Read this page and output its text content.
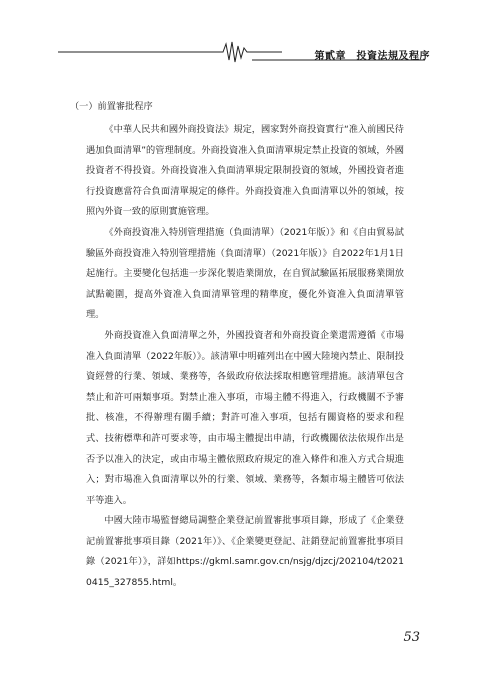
第貳章　投資法規及程序
（一）前置審批程序

《中華人民共和國外商投資法》規定，國家對外商投資實行“准入前國民待遇加負面清單”的管理制度。外商投資准入負面清單規定禁止投資的領域，外國投資者不得投資。外商投資准入負面清單規定限制投資的領域，外國投資者進行投資應當符合負面清單規定的條件。外商投資准入負面清單以外的領域，按照內外資一致的原則實施管理。

《外商投資准入特別管理措施（負面清單）（2021年版）》和《自由貿易試驗區外商投資准入特別管理措施（負面清單）（2021年版）》自2022年1月1日起施行。主要變化包括進一步深化製造業開放，在自貿試驗區拓展服務業開放試點範圍，提高外資准入負面清單管理的精準度，優化外資准入負面清單管理。

外商投資准入負面清單之外，外國投資者和外商投資企業還需遵循《市場准入負面清單（2022年版）》。該清單中明確列出在中國大陸境內禁止、限制投資經營的行業、領域、業務等，各級政府依法採取相應管理措施。該清單包含禁止和許可兩類事項。對禁止准入事項，市場主體不得進入，行政機關不予審批、核准，不得辦理有關手續；對許可准入事項，包括有關資格的要求和程式、技術標準和許可要求等，由市場主體提出申請，行政機關依法依規作出是否予以准入的決定，或由市場主體依照政府規定的准入條件和准入方式合規進入；對市場准入負面清單以外的行業、領域、業務等，各類市場主體皆可依法平等進入。

中國大陸市場監督總局調整企業登記前置審批事項目錄，形成了《企業登記前置審批事項目錄（2021年）》、《企業變更登記、註銷登記前置審批事項目錄（2021年）》，詳如https://gkml.samr.gov.cn/nsjg/djzcj/202104/t20210415_327855.html。

53
